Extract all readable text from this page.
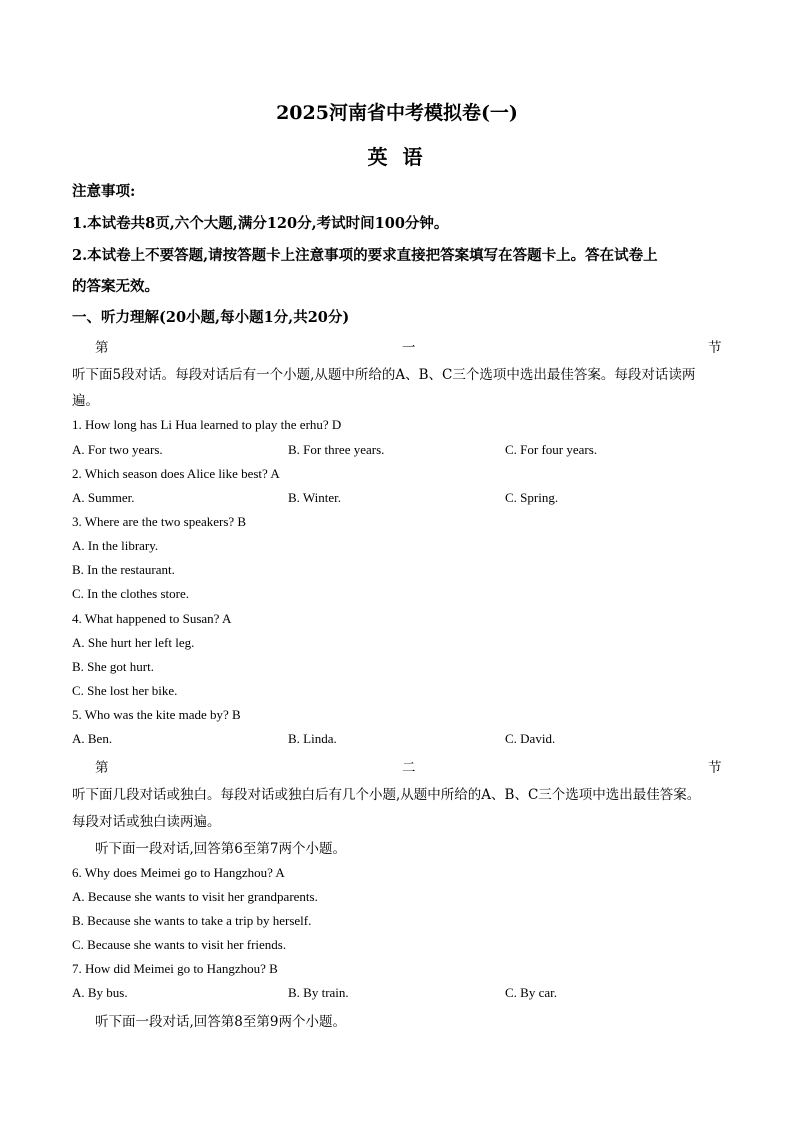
2025河南省中考模拟卷(一)
英 语
注意事项:
1.本试卷共8页,六个大题,满分120分,考试时间100分钟。
2.本试卷上不要答题,请按答题卡上注意事项的要求直接把答案填写在答题卡上。答在试卷上
的答案无效。
一、听力理解(20小题,每小题1分,共20分)
第	一	节
听下面5段对话。每段对话后有一个小题,从题中所给的A、B、C三个选项中选出最佳答案。每段对话读两
遍。
1. How long has Li Hua learned to play the erhu? D
A. For two years.	B. For three years.	C. For four years.
2. Which season does Alice like best? A
A. Summer.	B. Winter.	C. Spring.
3. Where are the two speakers? B
A. In the library.
B. In the restaurant.
C. In the clothes store.
4. What happened to Susan? A
A. She hurt her left leg.
B. She got hurt.
C. She lost her bike.
5. Who was the kite made by? B
A. Ben.	B. Linda.	C. David.
第	二	节
听下面几段对话或独白。每段对话或独白后有几个小题,从题中所给的A、B、C三个选项中选出最佳答案。
每段对话或独白读两遍。
听下面一段对话,回答第6至第7两个小题。
6. Why does Meimei go to Hangzhou? A
A. Because she wants to visit her grandparents.
B. Because she wants to take a trip by herself.
C. Because she wants to visit her friends.
7. How did Meimei go to Hangzhou? B
A. By bus.	B. By train.	C. By car.
听下面一段对话,回答第8至第9两个小题。
